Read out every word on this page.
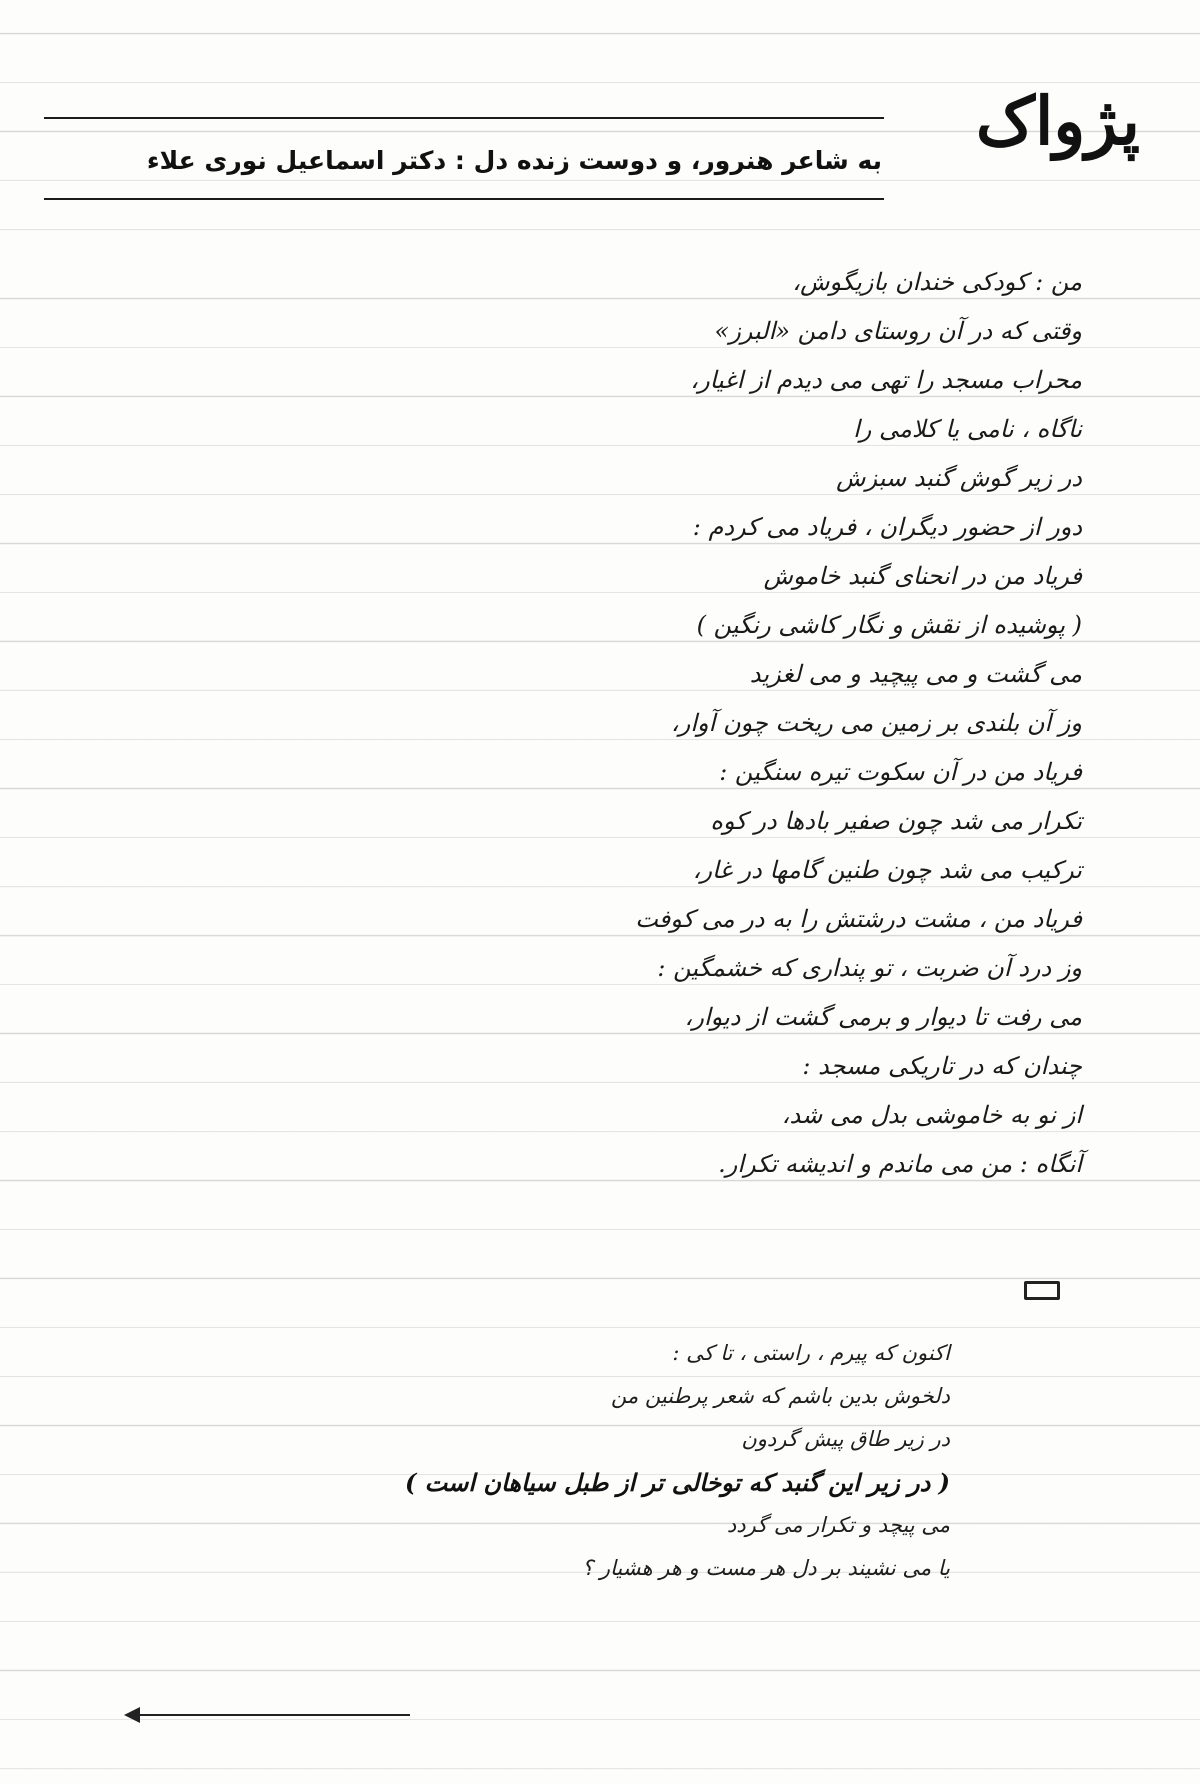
پژواک
به شاعر هنرور، و دوست زنده دل : دکتر اسماعیل نوری علاء
من : کودکی خندان بازیگوش،
وقتی که در آن روستای دامن «البرز»
محراب مسجد را تهی می دیدم از اغیار،
ناگاه ، نامی یا کلامی را
در زیر گوش گنبد سبزش
دور از حضور دیگران ، فریاد می کردم :
فریاد من در انحنای گنبد خاموش
( پوشیده از نقش و نگار کاشی رنگین )
می گشت و می پیچید و می لغزید
وز آن بلندی بر زمین می ریخت چون آوار،
فریاد من در آن سکوت تیره سنگین :
تکرار می شد چون صفیر بادها در کوه
ترکیب می شد چون طنین گامها در غار،
فریاد من ، مشت درشتش را به در می کوفت
وز درد آن ضربت ، تو پنداری که خشمگین :
می رفت تا دیوار و برمی گشت از دیوار،
چندان که در تاریکی مسجد :
از نو به خاموشی بدل می شد،
آنگاه : من می ماندم و اندیشه تکرار.
اکنون که پیرم ، راستی ، تا کی :
دلخوش بدین باشم که شعر پرطنین من
در زیر طاق پیش گردون
( در زیر این گنبد که توخالی تر از طبل سیاهان است )
می پیچد و تکرار می گردد
یا می نشیند بر دل هر مست و هر هشیار ؟
